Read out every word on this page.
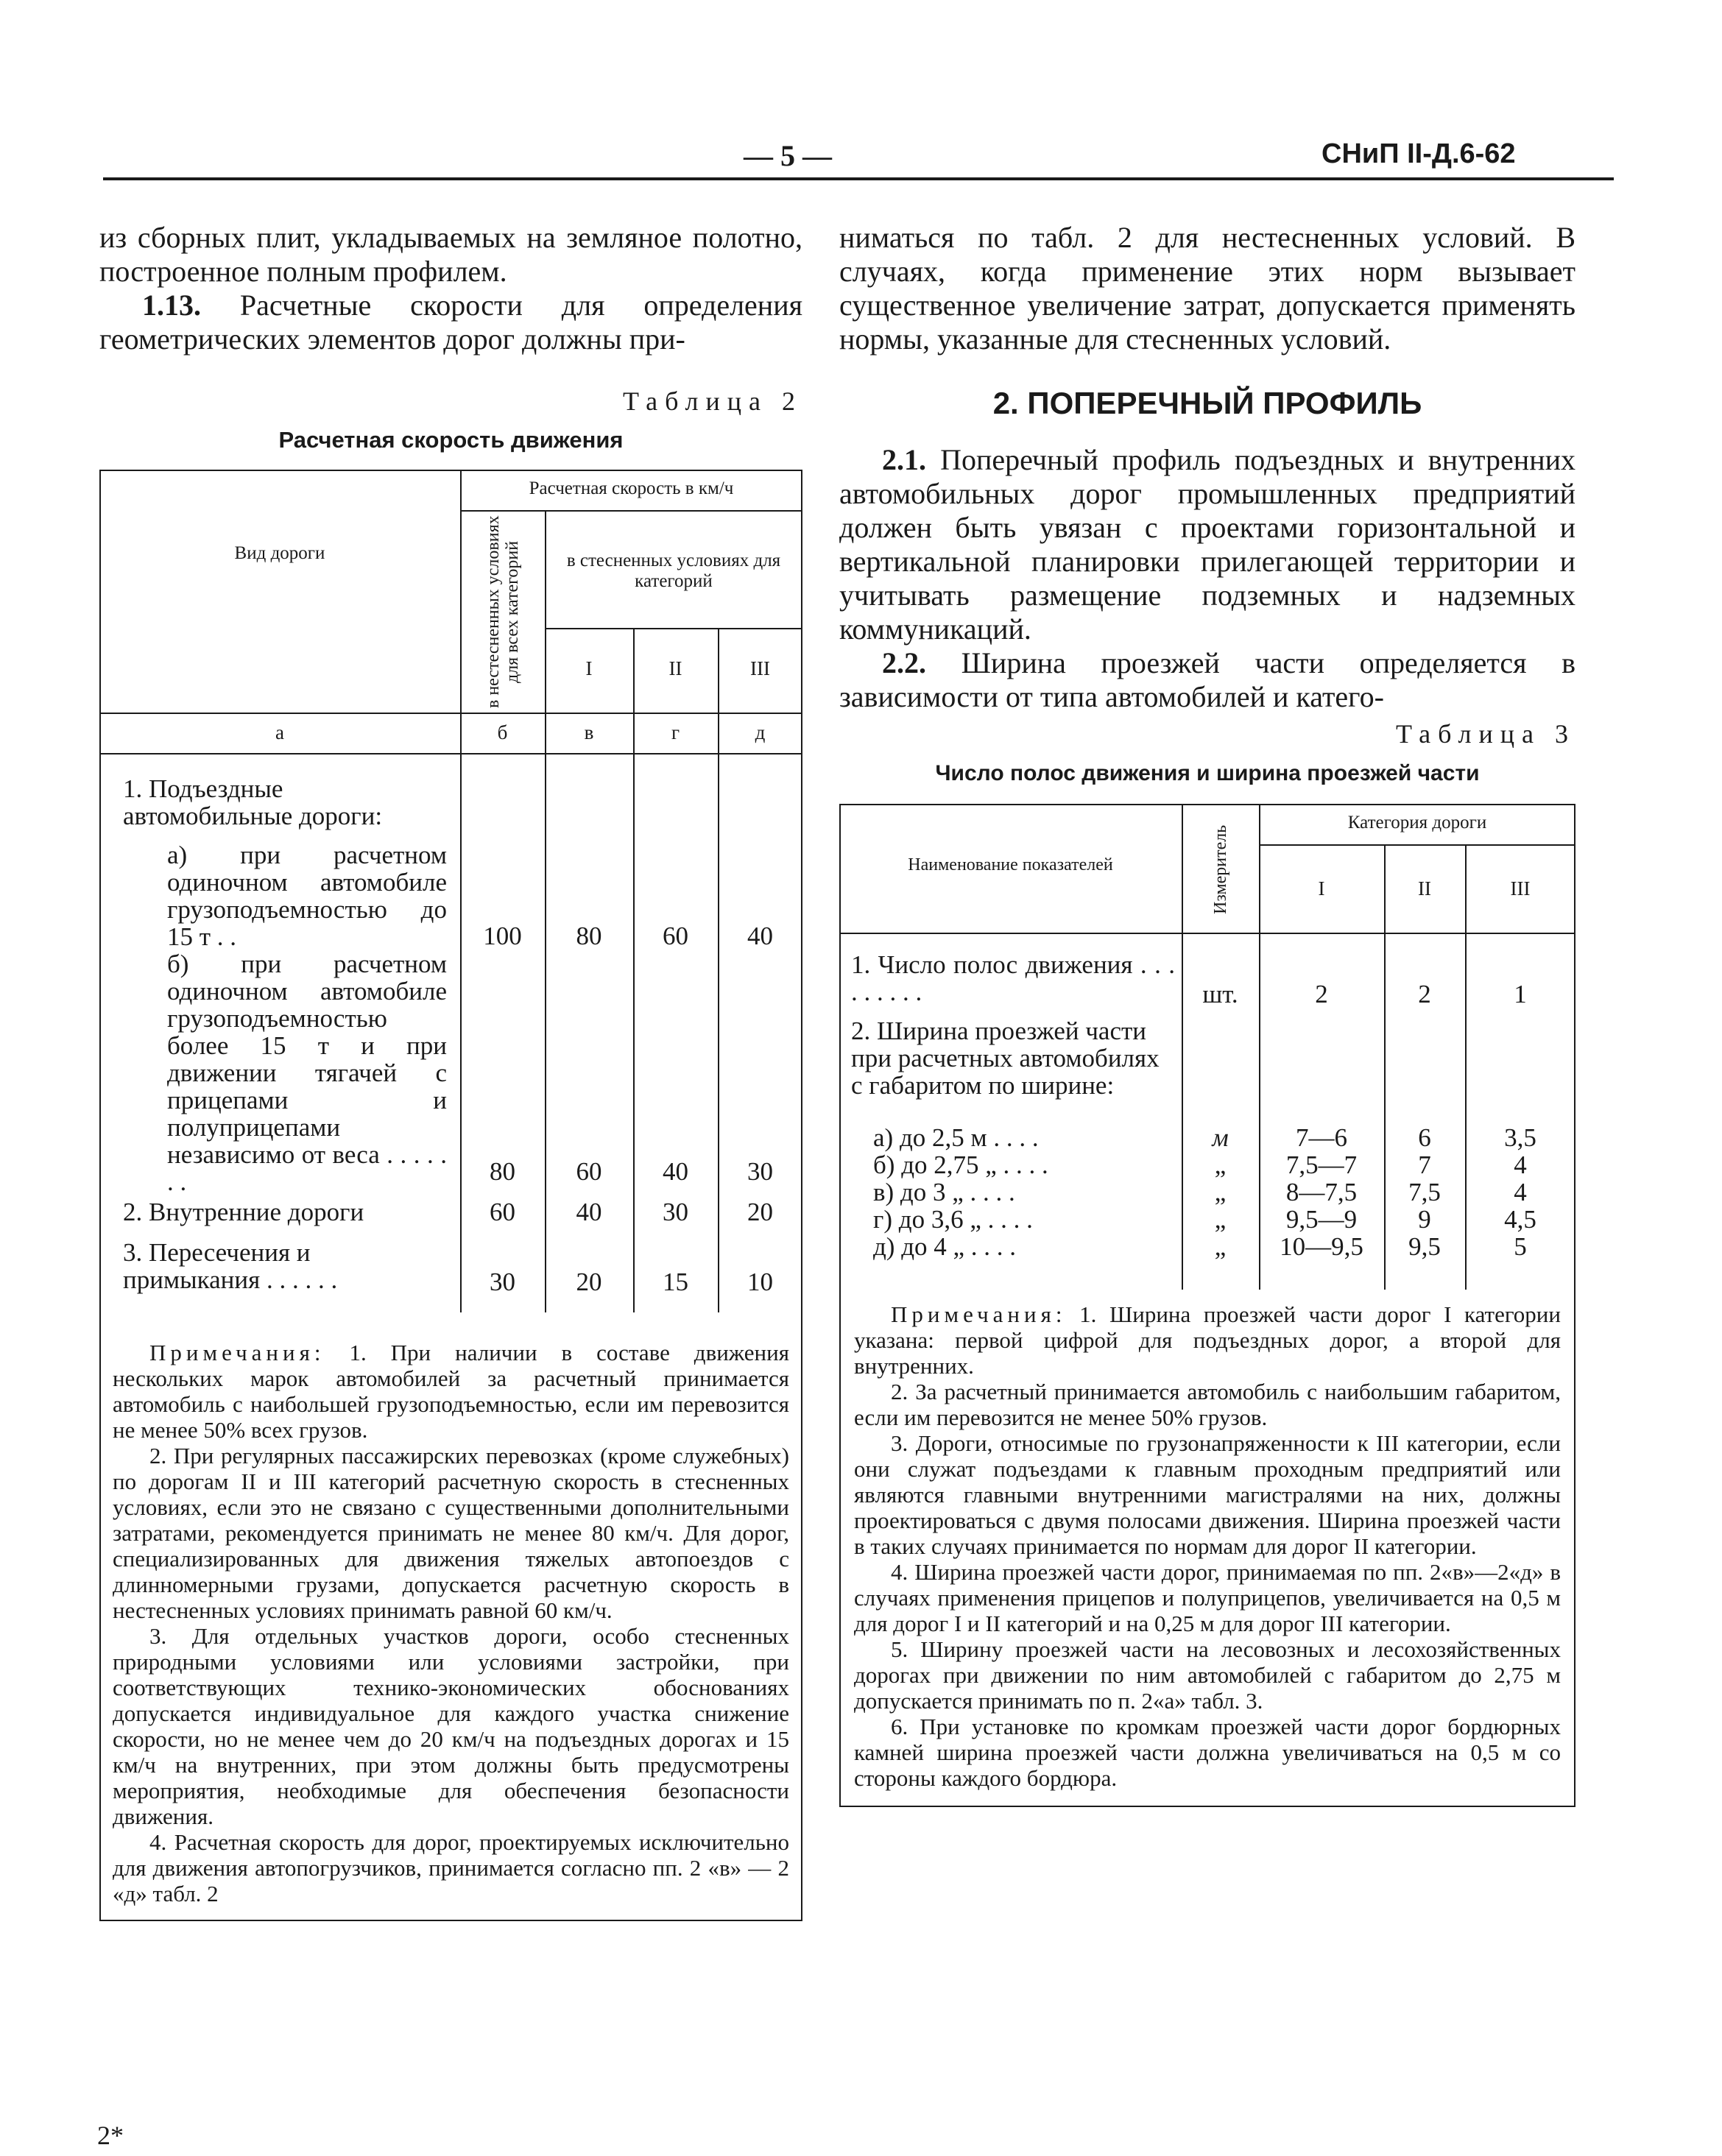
— 5 —	СНиП II-Д.6-62

из сборных плит, укладываемых на земляное полотно, построенное полным профилем.

1.13. Расчетные скорости для определения геометрических элементов дорог должны при-

Таблица 2

Расчетная скорость движения

Вид дороги
Расчетная скорость в км/ч
в нестесненных условиях для всех категорий	в стесненных условиях для категорий
I	II	III
а	б	в	г	д
1. Подъездные автомобильные дороги:
а) при расчетном одиночном автомобиле грузоподъемностью до 15 т . .	100	80	60	40
б) при расчетном одиночном автомобиле грузоподъемностью более 15 т и при движении тягачей с прицепами и полуприцепами независимо от веса . . . . . . .	80	60	40	30
2. Внутренние дороги	60	40	30	20
3. Пересечения и примыкания . . . . . .	30	20	15	10

Примечания: 1. При наличии в составе движения нескольких марок автомобилей за расчетный принимается автомобиль с наибольшей грузоподъемностью, если им перевозится не менее 50% всех грузов.

2. При регулярных пассажирских перевозках (кроме служебных) по дорогам II и III категорий расчетную скорость в стесненных условиях, если это не связано с существенными дополнительными затратами, рекомендуется принимать не менее 80 км/ч. Для дорог, специализированных для движения тяжелых автопоездов с длинномерными грузами, допускается расчетную скорость в нестесненных условиях принимать равной 60 км/ч.

3. Для отдельных участков дороги, особо стесненных природными условиями или условиями застройки, при соответствующих технико-экономических обоснованиях допускается индивидуальное для каждого участка снижение скорости, но не менее чем до 20 км/ч на подъездных дорогах и 15 км/ч на внутренних, при этом должны быть предусмотрены мероприятия, необходимые для обеспечения безопасности движения.

4. Расчетная скорость для дорог, проектируемых исключительно для движения автопогрузчиков, принимается согласно пп. 2 «в» — 2 «д» табл. 2

ниматься по табл. 2 для нестесненных условий. В случаях, когда применение этих норм вызывает существенное увеличение затрат, допускается применять нормы, указанные для стесненных условий.

2. ПОПЕРЕЧНЫЙ ПРОФИЛЬ

2.1. Поперечный профиль подъездных и внутренних автомобильных дорог промышленных предприятий должен быть увязан с проектами горизонтальной и вертикальной планировки прилегающей территории и учитывать размещение подземных и надземных коммуникаций.

2.2. Ширина проезжей части определяется в зависимости от типа автомобилей и катего-

Таблица 3

Число полос движения и ширина проезжей части

Наименование показателей	Измеритель
Категория дороги
I	II	III
1. Число полос движения . . . . . . . . .	шт.	2	2	1
2. Ширина проезжей части при расчетных автомобилях с габаритом по ширине:
а) до 2,5 м . . . .	м	7—6	6	3,5
б) до 2,75 „ . . . .	„	7,5—7	7	4
в) до 3 „ . . . .	„	8—7,5	7,5	4
г) до 3,6 „ . . . .	„	9,5—9	9	4,5
д) до 4 „ . . . .	„	10—9,5	9,5	5

Примечания: 1. Ширина проезжей части дорог I категории указана: первой цифрой для подъездных дорог, а второй для внутренних.

2. За расчетный принимается автомобиль с наибольшим габаритом, если им перевозится не менее 50% грузов.

3. Дороги, относимые по грузонапряженности к III категории, если они служат подъездами к главным проходным предприятий или являются главными внутренними магистралями на них, должны проектироваться с двумя полосами движения. Ширина проезжей части в таких случаях принимается по нормам для дорог II категории.

4. Ширина проезжей части дорог, принимаемая по пп. 2«в»—2«д» в случаях применения прицепов и полуприцепов, увеличивается на 0,5 м для дорог I и II категорий и на 0,25 м для дорог III категории.

5. Ширину проезжей части на лесовозных и лесохозяйственных дорогах при движении по ним автомобилей с габаритом до 2,75 м допускается принимать по п. 2«а» табл. 3.

6. При установке по кромкам проезжей части дорог бордюрных камней ширина проезжей части должна увеличиваться на 0,5 м со стороны каждого бордюра.

2*
